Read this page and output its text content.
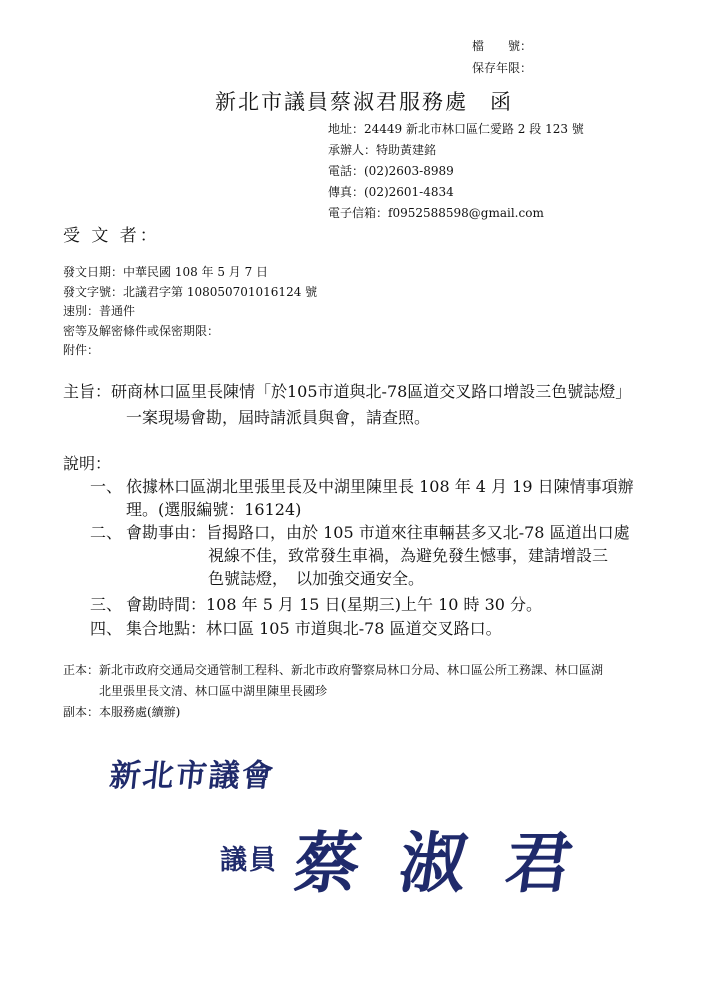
檔　　號：
保存年限：
新北市議員蔡淑君服務處 函
地址：24449 新北市林口區仁愛路 2 段 123 號
承辦人：特助黃建銘
電話：(02)2603-8989
傳真：(02)2601-4834
電子信箱：f0952588598@gmail.com
受 文 者：
發文日期：中華民國 108 年 5 月 7 日
發文字號：北議君字第 108050701016124 號
速別：普通件
密等及解密條件或保密期限：
附件：
主旨：研商林口區里長陳情「於105市道與北-78區道交叉路口增設三色號誌燈」
一案現場會勘，屆時請派員與會，請查照。
說明：
一、 依據林口區湖北里張里長及中湖里陳里長 108 年 4 月 19 日陳情事項辦
理。(選服編號：16124)
二、 會勘事由：旨揭路口，由於 105 市道來往車輛甚多又北-78 區道出口處
視線不佳，致常發生車禍，為避免發生憾事，建請增設三
色號誌燈，　以加強交通安全。
三、 會勘時間：108 年 5 月 15 日(星期三)上午 10 時 30 分。
四、 集合地點：林口區 105 市道與北-78 區道交叉路口。
正本：新北市政府交通局交通管制工程科、新北市政府警察局林口分局、林口區公所工務課、林口區湖
北里張里長文清、林口區中湖里陳里長國珍
副本：本服務處(續辦)
新北市議會
議員 蔡淑君
